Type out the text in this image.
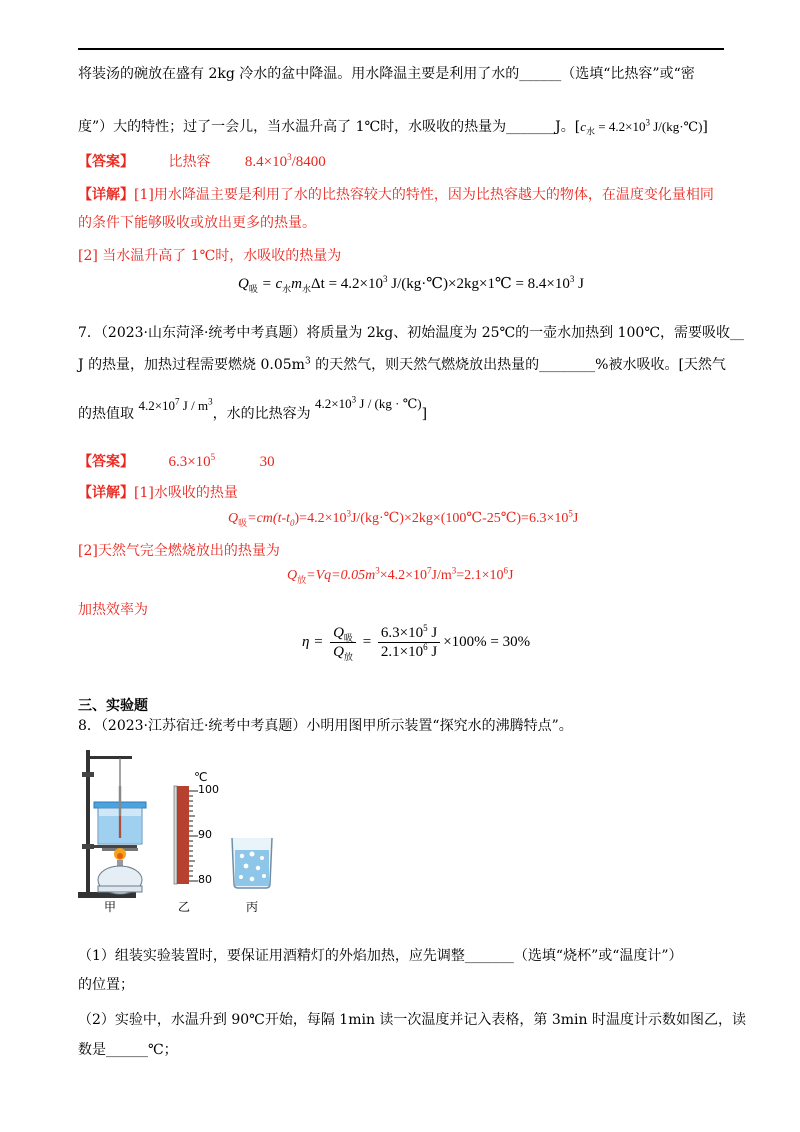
将装汤的碗放在盛有 2kg 冷水的盆中降温。用水降温主要是利用了水的______（选填“比热容”或“密
度”）大的特性；过了一会儿，当水温升高了 1℃时，水吸收的热量为_______J。[$c_水 = 4.2\times 10^3$ J/(kg·℃)]
【答案】 比热容 $8.4\times 10^3/8400$
【详解】[1]用水降温主要是利用了水的比热容较大的特性，因为比热容越大的物体，在温度变化量相同
的条件下能够吸收或放出更多的热量。
[2] 当水温升高了 1℃时，水吸收的热量为
$Q_吸 = c_水m_水\Delta t = 4.2\times 10^3$ J/(kg·℃)×2kg×1℃ = $8.4\times 10^3$ J
7．（2023·山东菏泽·统考中考真题）将质量为 2kg、初始温度为 25℃的一壶水加热到 100℃，需要吸收__
J 的热量，加热过程需要燃烧 $0.05m^3$ 的天然气，则天然气燃烧放出热量的________%被水吸收。[天然气
的热值取 $4.2\times 10^7$ J / $m^3$，水的比热容为 $4.2\times 10^3$ J / (kg · ℃)]
【答案】 $6.3\times 10^5$	30
【详解】[1]水吸收的热量
$Q_吸=cm(t-t_0)=4.2\times 10^3J/(kg\cdot℃)\times 2kg\times(100℃-25℃)=6.3\times 10^5J$
[2]天然气完全燃烧放出的热量为
$Q_放=Vq=0.05m^3\times 4.2\times 10^7J/m^3=2.1\times 10^6J$
加热效率为
$\eta = \frac{Q_吸}{Q_放} = \frac{6.3\times 10^5 J}{2.1\times 10^6 J} \times 100\% = 30\%$
三、实验题
8．（2023·江苏宿迁·统考中考真题）小明用图甲所示装置“探究水的沸腾特点”。
℃
100
90
80
甲	乙	丙
（1）组装实验装置时，要保证用酒精灯的外焰加热，应先调整_______（选填“烧杯”或“温度计”）
的位置；
（2）实验中，水温升到 90℃开始，每隔 1min 读一次温度并记入表格，第 3min 时温度计示数如图乙，读
数是______℃；
